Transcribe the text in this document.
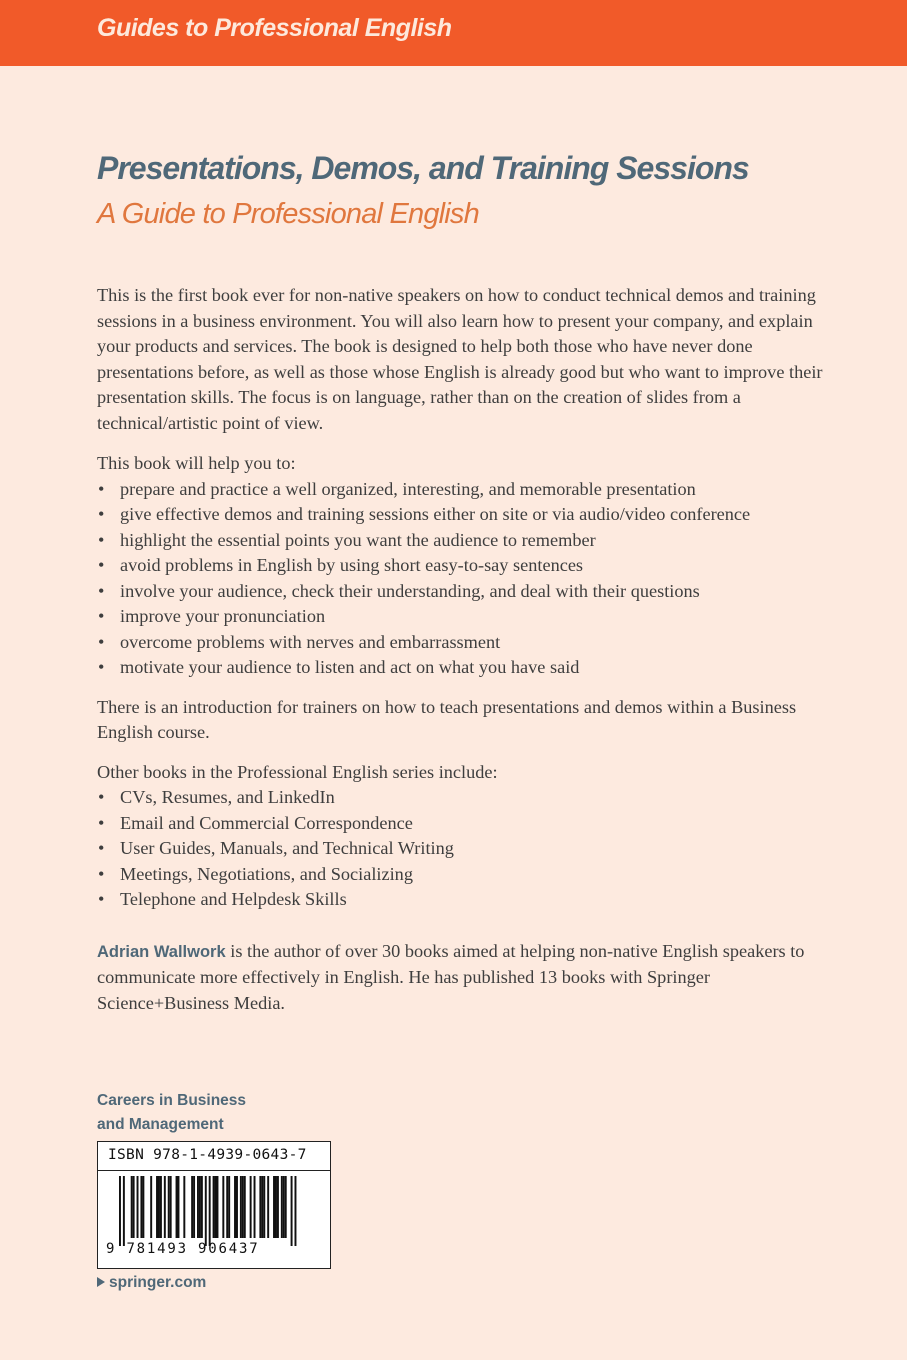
Guides to Professional English
Presentations, Demos, and Training Sessions
A Guide to Professional English

This is the first book ever for non-native speakers on how to conduct technical demos and training sessions in a business environment. You will also learn how to present your company, and explain your products and services. The book is designed to help both those who have never done presentations before, as well as those whose English is already good but who want to improve their presentation skills. The focus is on language, rather than on the creation of slides from a technical/artistic point of view.

This book will help you to:

• prepare and practice a well organized, interesting, and memorable presentation
• give effective demos and training sessions either on site or via audio/video conference
• highlight the essential points you want the audience to remember
• avoid problems in English by using short easy-to-say sentences
• involve your audience, check their understanding, and deal with their questions
• improve your pronunciation
• overcome problems with nerves and embarrassment
• motivate your audience to listen and act on what you have said

There is an introduction for trainers on how to teach presentations and demos within a Business English course.

Other books in the Professional English series include:

• CVs, Resumes, and LinkedIn
• Email and Commercial Correspondence
• User Guides, Manuals, and Technical Writing
• Meetings, Negotiations, and Socializing
• Telephone and Helpdesk Skills

Adrian Wallwork is the author of over 30 books aimed at helping non-native English speakers to communicate more effectively in English. He has published 13 books with Springer Science+Business Media.

Careers in Business
and Management
ISBN 978-1-4939-0643-7
9 781493 906437
springer.com
